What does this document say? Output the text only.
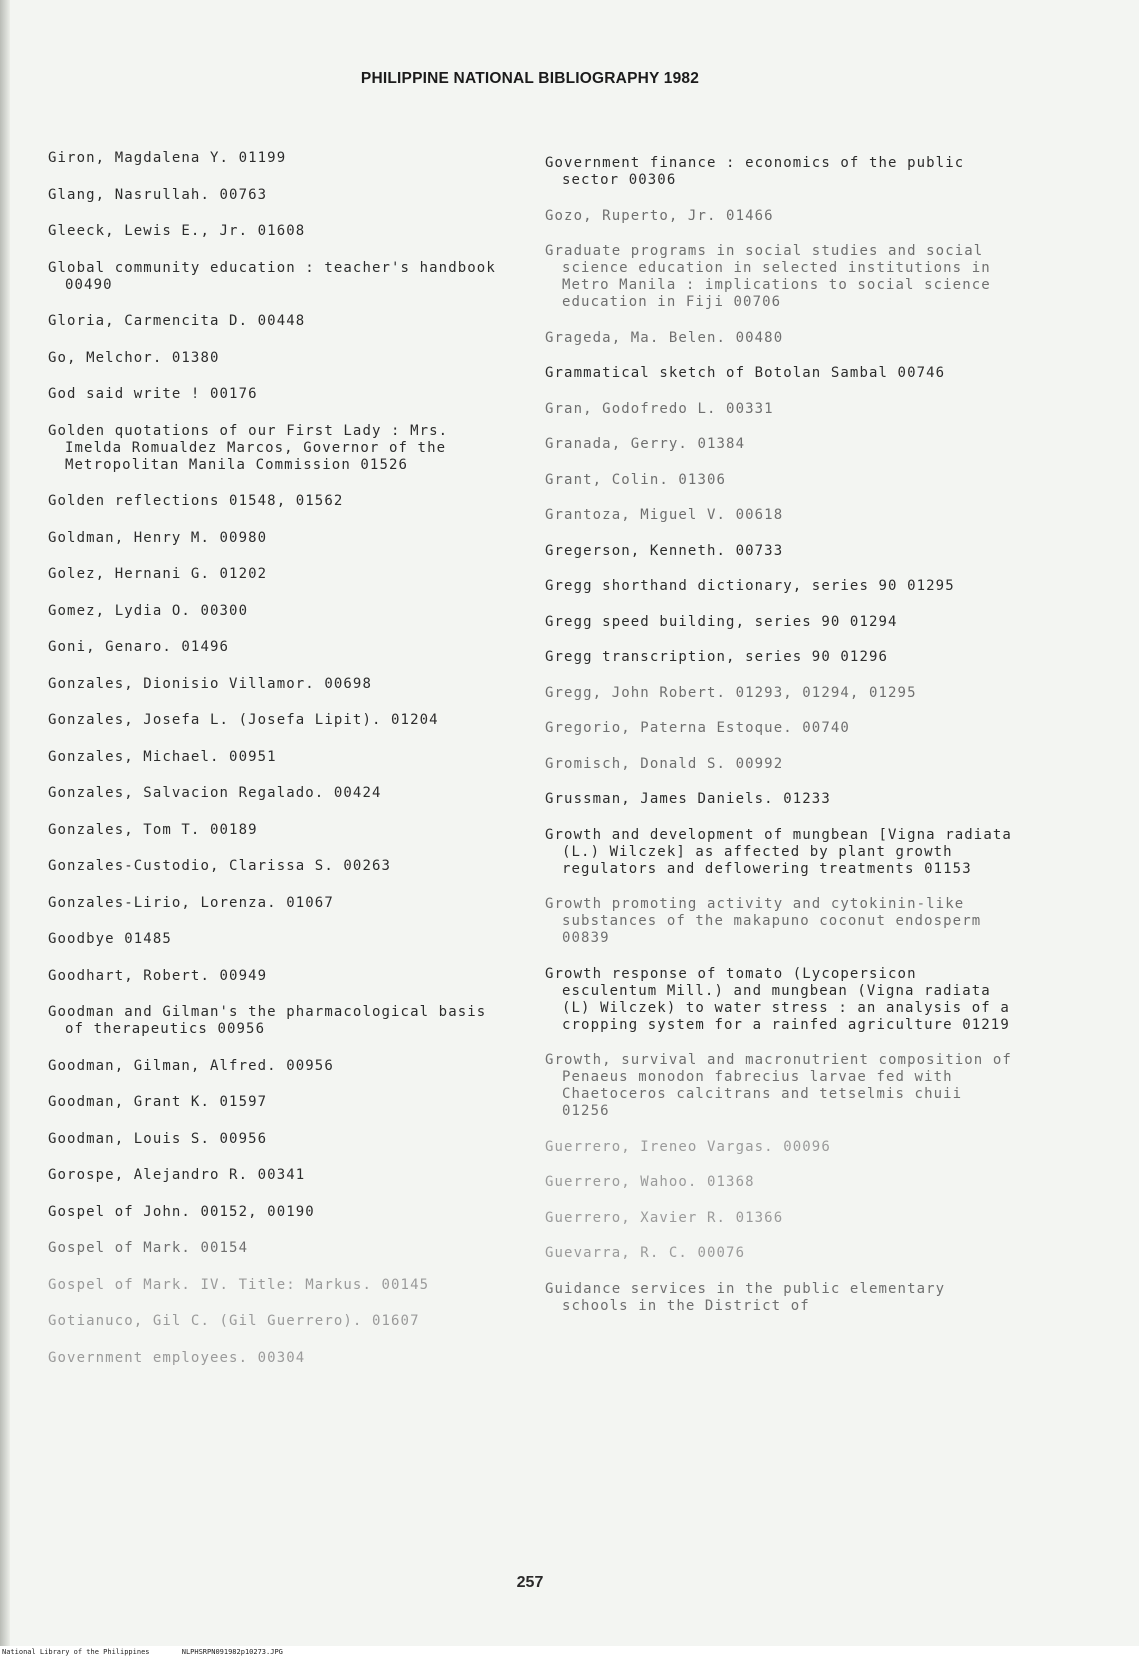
PHILIPPINE NATIONAL BIBLIOGRAPHY 1982

Giron, Magdalena Y. 01199

Glang, Nasrullah. 00763

Gleeck, Lewis E., Jr. 01608

Global community education : teacher's handbook 00490

Gloria, Carmencita D. 00448

Go, Melchor. 01380

God said write ! 00176

Golden quotations of our First Lady : Mrs. Imelda Romualdez Marcos, Governor of the Metropolitan Manila Commission 01526

Golden reflections 01548, 01562

Goldman, Henry M. 00980

Golez, Hernani G. 01202

Gomez, Lydia O. 00300

Goni, Genaro. 01496

Gonzales, Dionisio Villamor. 00698

Gonzales, Josefa L. (Josefa Lipit). 01204

Gonzales, Michael. 00951

Gonzales, Salvacion Regalado. 00424

Gonzales, Tom T. 00189

Gonzales-Custodio, Clarissa S. 00263

Gonzales-Lirio, Lorenza. 01067

Goodbye 01485

Goodhart, Robert. 00949

Goodman and Gilman's the pharmacological basis of therapeutics 00956

Goodman, Gilman, Alfred. 00956

Goodman, Grant K. 01597

Goodman, Louis S. 00956

Gorospe, Alejandro R. 00341

Gospel of John. 00152, 00190

Gospel of Mark. 00154

Gospel of Mark. IV. Title: Markus. 00145

Gotianuco, Gil C. (Gil Guerrero). 01607

Government employees. 00304

Government finance : economics of the public sector 00306

Gozo, Ruperto, Jr. 01466

Graduate programs in social studies and social science education in selected institutions in Metro Manila : implications to social science education in Fiji 00706

Grageda, Ma. Belen. 00480

Grammatical sketch of Botolan Sambal 00746

Gran, Godofredo L. 00331

Granada, Gerry. 01384

Grant, Colin. 01306

Grantoza, Miguel V. 00618

Gregerson, Kenneth. 00733

Gregg shorthand dictionary, series 90 01295

Gregg speed building, series 90 01294

Gregg transcription, series 90 01296

Gregg, John Robert. 01293, 01294, 01295

Gregorio, Paterna Estoque. 00740

Gromisch, Donald S. 00992

Grussman, James Daniels. 01233

Growth and development of mungbean [Vigna radiata (L.) Wilczek] as affected by plant growth regulators and deflowering treatments 01153

Growth promoting activity and cytokinin-like substances of the makapuno coconut endosperm 00839

Growth response of tomato (Lycopersicon esculentum Mill.) and mungbean (Vigna radiata (L) Wilczek) to water stress : an analysis of a cropping system for a rainfed agriculture 01219

Growth, survival and macronutrient composition of Penaeus monodon fabrecius larvae fed with Chaetoceros calcitrans and tetselmis chuii 01256

Guerrero, Ireneo Vargas. 00096

Guerrero, Wahoo. 01368

Guerrero, Xavier R. 01366

Guevarra, R. C. 00076

Guidance services in the public elementary schools in the District of

257
National Library of the Philippines	NLPHSRPN091982p10273.JPG
